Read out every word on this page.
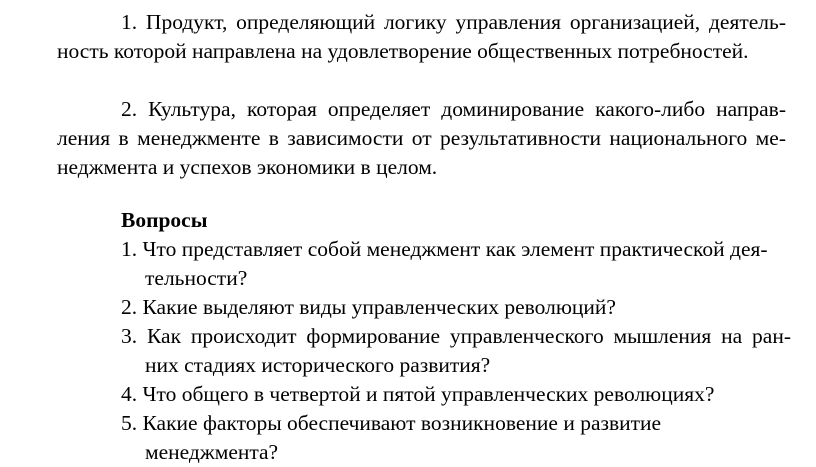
1. Продукт, определяющий логику управления организацией, деятель- ность которой направлена на удовлетворение общественных потребностей.

2. Культура, которая определяет доминирование какого-либо направ- ления в менеджменте в зависимости от результативности национального ме- неджмента и успехов экономики в целом.

Вопросы

1. Что представляет собой менеджмент как элемент практической дея-тельности?
2. Какие выделяют виды управленческих революций?
3. Как происходит формирование управленческого мышления на ран-них стадиях исторического развития?
4. Что общего в четвертой и пятой управленческих революциях?
5. Какие факторы обеспечивают возникновение и развитие менеджмента?
